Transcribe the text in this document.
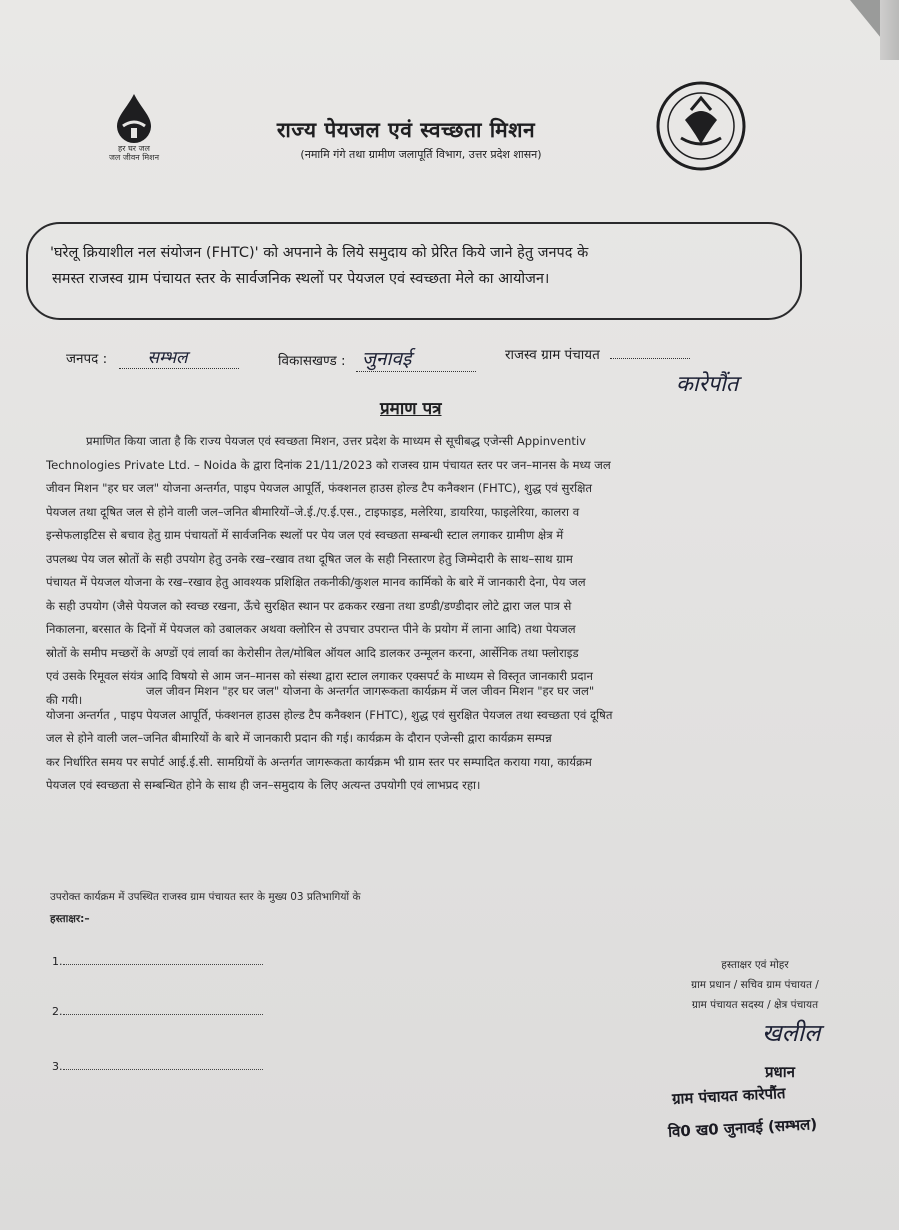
हर घर जल
जल जीवन मिशन
राज्य पेयजल एवं स्वच्छता मिशन
(नमामि गंगे तथा ग्रामीण जलापूर्ति विभाग, उत्तर प्रदेश शासन)
'घरेलू क्रियाशील नल संयोजन (FHTC)' को अपनाने के लिये समुदाय को प्रेरित किये जाने हेतु जनपद के
समस्त राजस्व ग्राम पंचायत स्तर के सार्वजनिक स्थलों पर पेयजल एवं स्वच्छता मेले का आयोजन।
जनपद : सम्भल	विकासखण्ड : जुनावई	राजस्व ग्राम पंचायत
कारेपौंत
प्रमाण पत्र
प्रमाणित किया जाता है कि राज्य पेयजल एवं स्वच्छता मिशन, उत्तर प्रदेश के माध्यम से सूचीबद्ध एजेन्सी Appinventiv
Technologies Private Ltd. – Noida के द्वारा दिनांक 21/11/2023 को राजस्व ग्राम पंचायत स्तर पर जन–मानस के मध्य जल
जीवन मिशन "हर घर जल" योजना अन्तर्गत, पाइप पेयजल आपूर्ति, फंक्शनल हाउस होल्ड टैप कनैक्शन (FHTC), शुद्ध एवं सुरक्षित
पेयजल तथा दूषित जल से होने वाली जल–जनित बीमारियों–जे.ई./ए.ई.एस., टाइफाइड, मलेरिया, डायरिया, फाइलेरिया, कालरा व
इन्सेफलाइटिस से बचाव हेतु ग्राम पंचायतों में सार्वजनिक स्थलों पर पेय जल एवं स्वच्छता सम्बन्धी स्टाल लगाकर ग्रामीण क्षेत्र में
उपलब्ध पेय जल स्रोतों के सही उपयोग हेतु उनके रख–रखाव तथा दूषित जल के सही निस्तारण हेतु जिम्मेदारी के साथ–साथ ग्राम
पंचायत में पेयजल योजना के रख–रखाव हेतु आवश्यक प्रशिक्षित तकनीकी/कुशल मानव कार्मिको के बारे में जानकारी देना, पेय जल
के सही उपयोग (जैसे पेयजल को स्वच्छ रखना, ऊँचे सुरक्षित स्थान पर ढककर रखना तथा डण्डी/डण्डीदार लोटे द्वारा जल पात्र से
निकालना, बरसात के दिनों में पेयजल को उबालकर अथवा क्लोरिन से उपचार उपरान्त पीने के प्रयोग में लाना आदि) तथा पेयजल
स्रोतों के समीप मच्छरों के अण्डों एवं लार्वा का केरोसीन तेल/मोबिल ऑयल आदि डालकर उन्मूलन करना, आर्सेनिक तथा फ्लोराइड
एवं उसके रिमूवल संयंत्र आदि विषयो से आम जन–मानस को संस्था द्वारा स्टाल लगाकर एक्सपर्ट के माध्यम से विस्तृत जानकारी प्रदान
की गयी।
जल जीवन मिशन "हर घर जल" योजना के अन्तर्गत जागरूकता कार्यक्रम में जल जीवन मिशन "हर घर जल"
योजना अन्तर्गत , पाइप पेयजल आपूर्ति, फंक्शनल हाउस होल्ड टैप कनैक्शन (FHTC), शुद्ध एवं सुरक्षित पेयजल तथा स्वच्छता एवं दूषित
जल से होने वाली जल–जनित बीमारियों के बारे में जानकारी प्रदान की गई। कार्यक्रम के दौरान एजेन्सी द्वारा कार्यक्रम सम्पन्न
कर निर्धारित समय पर सपोर्ट आई.ई.सी. सामग्रियों के अन्तर्गत जागरूकता कार्यक्रम भी ग्राम स्तर पर सम्पादित कराया गया, कार्यक्रम
पेयजल एवं स्वच्छता से सम्बन्धित होने के साथ ही जन–समुदाय के लिए अत्यन्त उपयोगी एवं लाभप्रद रहा।
उपरोक्त कार्यक्रम में उपस्थित राजस्व ग्राम पंचायत स्तर के मुख्य 03 प्रतिभागियों के
हस्ताक्षर:–
1.
2.
3.
हस्ताक्षर एवं मोहर
ग्राम प्रधान / सचिव ग्राम पंचायत /
ग्राम पंचायत सदस्य / क्षेत्र पंचायत
खलील
प्रधान
ग्राम पंचायत कारेपौंत
वि0 ख0 जुनावई (सम्भल)
